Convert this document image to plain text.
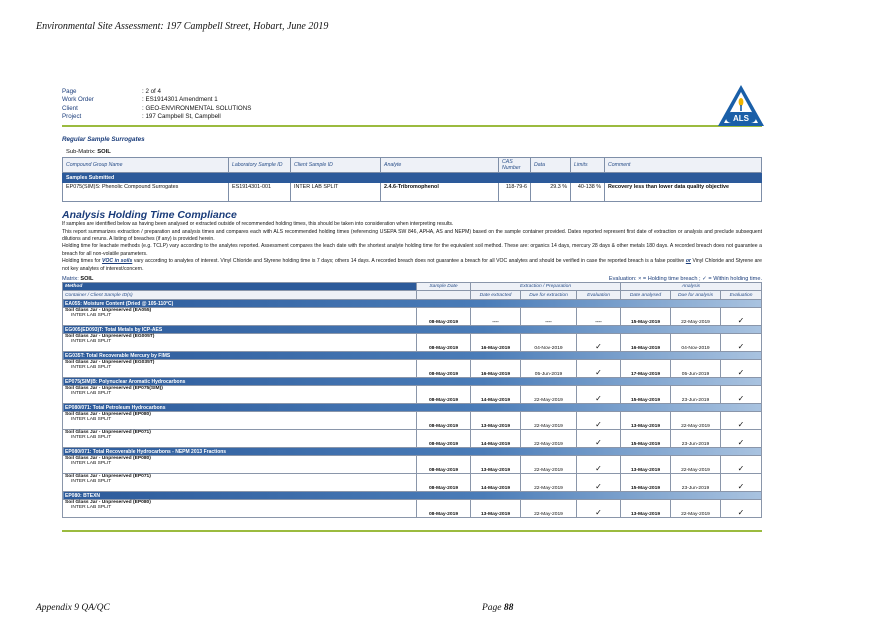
Environmental Site Assessment: 197 Campbell Street, Hobart, June 2019
Page	: 2 of 4
Work Order	: ES1914301 Amendment 1
Client	: GEO-ENVIRONMENTAL SOLUTIONS
Project	: 197 Campbell St, Campbell	ALS
Regular Sample Surrogates
Sub-Matrix: SOIL
Compound Group Name	Laboratory Sample ID	Client Sample ID	Analyte	CAS Number	Data	Limits	Comment
Samples Submitted							
EP075(SIM)S: Phenolic Compound Surrogates	ES1914301-001	INTER LAB SPLIT	2.4.6-Tribromophenol	118-79-6	29.3 %	40-138 %	Recovery less than lower data quality objective
Analysis Holding Time Compliance
If samples are identified below as having been analysed or extracted outside of recommended holding times, this should be taken into consideration when interpreting results.
This report summarizes extraction / preparation and analysis times and compares each with ALS recommended holding times (referencing USEPA SW 846, APHA, AS and NEPM) based on the sample container provided. Dates reported represent first date of extraction or analysis and preclude subsequent dilutions and reruns. A listing of breaches (if any) is provided herein.
Holding time for leachate methods (e.g. TCLP) vary according to the analytes reported. Assessment compares the leach date with the shortest analyte holding time for the equivalent soil method. These are: organics 14 days, mercury 28 days & other metals 180 days. A recorded breach does not guarantee a breach for all non-volatile parameters.
Holding times for VOC in soils vary according to analytes of interest. Vinyl Chloride and Styrene holding time is 7 days; others 14 days. A recorded breach does not guarantee a breach for all VOC analytes and should be verified in case the reported breach is a false positive or Vinyl Chloride and Styrene are not key analytes of interest/concern.
Matrix: SOIL	Evaluation: × = Holding time breach ; ✓ = Within holding time.
Method	Sample Date	Extraction / Preparation			Analysis		
Container / Client Sample ID(s)		Date extracted	Due for extraction	Evaluation	Date analysed	Due for analysis	Evaluation
EA055: Moisture Content (Dried @ 105-110°C)							

Soil Glass Jar - Unpreserved (EA055)
INTER LAB SPLIT	08-May-2019	----	----	----	15-May-2019	22-May-2019	✓
EG005(ED093)T: Total Metals by ICP-AES							

Soil Glass Jar - Unpreserved (EG005T)
INTER LAB SPLIT	08-May-2019	16-May-2019	04-Nov-2019	✓	16-May-2019	04-Nov-2019	✓
EG035T: Total Recoverable Mercury by FIMS							

Soil Glass Jar - Unpreserved (EG035T)
INTER LAB SPLIT	08-May-2019	16-May-2019	05-Jun-2019	✓	17-May-2019	05-Jun-2019	✓
EP075(SIM)B: Polynuclear Aromatic Hydrocarbons							

Soil Glass Jar - Unpreserved (EP075(SIM))
INTER LAB SPLIT	08-May-2019	14-May-2019	22-May-2019	✓	15-May-2019	23-Jun-2019	✓
EP080/071: Total Petroleum Hydrocarbons							

Soil Glass Jar - Unpreserved (EP080)
INTER LAB SPLIT	08-May-2019	13-May-2019	22-May-2019	✓	13-May-2019	22-May-2019	✓

Soil Glass Jar - Unpreserved (EP071)
INTER LAB SPLIT	08-May-2019	14-May-2019	22-May-2019	✓	15-May-2019	23-Jun-2019	✓
EP080/071: Total Recoverable Hydrocarbons - NEPM 2013 Fractions							

Soil Glass Jar - Unpreserved (EP080)
INTER LAB SPLIT	08-May-2019	13-May-2019	22-May-2019	✓	13-May-2019	22-May-2019	✓

Soil Glass Jar - Unpreserved (EP071)
INTER LAB SPLIT	08-May-2019	14-May-2019	22-May-2019	✓	15-May-2019	23-Jun-2019	✓
EP080: BTEXN							

Soil Glass Jar - Unpreserved (EP080)
INTER LAB SPLIT	08-May-2019	13-May-2019	22-May-2019	✓	13-May-2019	22-May-2019	✓
Appendix 9 QA/QC	Page 88
